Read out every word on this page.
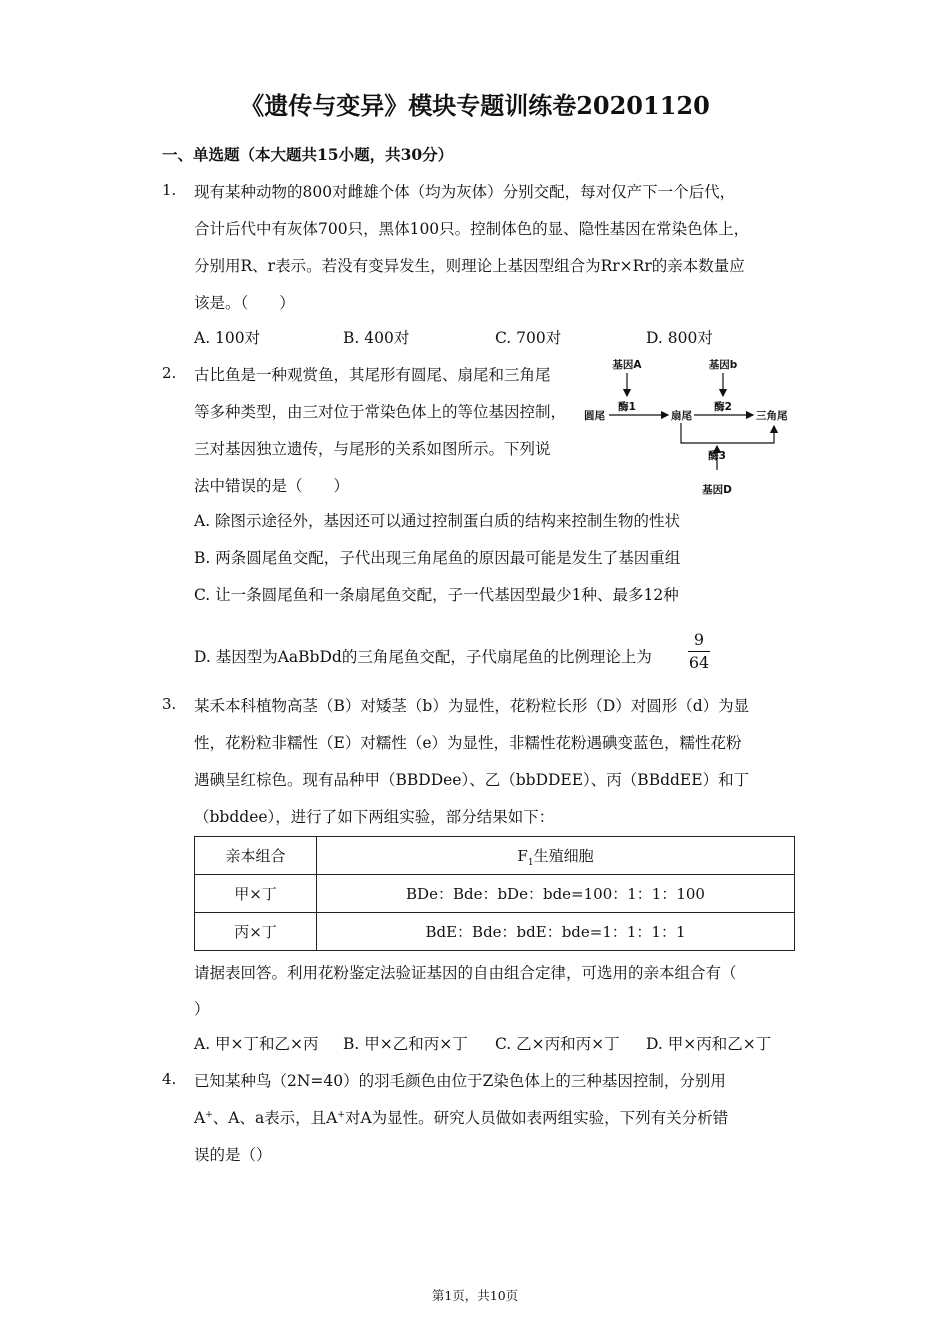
《遗传与变异》模块专题训练卷20201120
一、单选题（本大题共15小题，共30分）
1. 现有某种动物的800对雌雄个体（均为灰体）分别交配，每对仅产下一个后代，
合计后代中有灰体700只，黑体100只。控制体色的显、隐性基因在常染色体上，
分别用R、r表示。若没有变异发生，则理论上基因型组合为Rr×Rr的亲本数量应
该是。（　　）
A. 100对	B. 400对	C. 700对	D. 800对
2. 古比鱼是一种观赏鱼，其尾形有圆尾、扇尾和三角尾
等多种类型，由三对位于常染色体上的等位基因控制，
三对基因独立遗传，与尾形的关系如图所示。下列说
法中错误的是（　　）
基因A	基因b
酶1	酶2
圆尾	扇尾	三角尾
酶3
基因D
A. 除图示途径外，基因还可以通过控制蛋白质的结构来控制生物的性状
B. 两条圆尾鱼交配，子代出现三角尾鱼的原因最可能是发生了基因重组
C. 让一条圆尾鱼和一条扇尾鱼交配，子一代基因型最少1种、最多12种
D. 基因型为AaBbDd的三角尾鱼交配，子代扇尾鱼的比例理论上为
9
64
3. 某禾本科植物高茎（B）对矮茎（b）为显性，花粉粒长形（D）对圆形（d）为显
性，花粉粒非糯性（E）对糯性（e）为显性，非糯性花粉遇碘变蓝色，糯性花粉
遇碘呈红棕色。现有品种甲（BBDDee）、乙（bbDDEE）、丙（BBddEE）和丁
（bbddee），进行了如下两组实验，部分结果如下：
亲本组合	$F_1$生殖细胞
甲×丁	BDe：Bde：bDe：bde=100：1：1：100
丙×丁	BdE：Bde：bdE：bde=1：1：1：1
请据表回答。利用花粉鉴定法验证基因的自由组合定律，可选用的亲本组合有（
）
A. 甲×丁和乙×丙 B. 甲×乙和丙×丁 C. 乙×丙和丙×丁 D. 甲×丙和乙×丁
4. 已知某种鸟（2N=40）的羽毛颜色由位于Z染色体上的三种基因控制，分别用
A+、A、a表示，且A+对A为显性。研究人员做如表两组实验，下列有关分析错
误的是（）
第1页，共10页
